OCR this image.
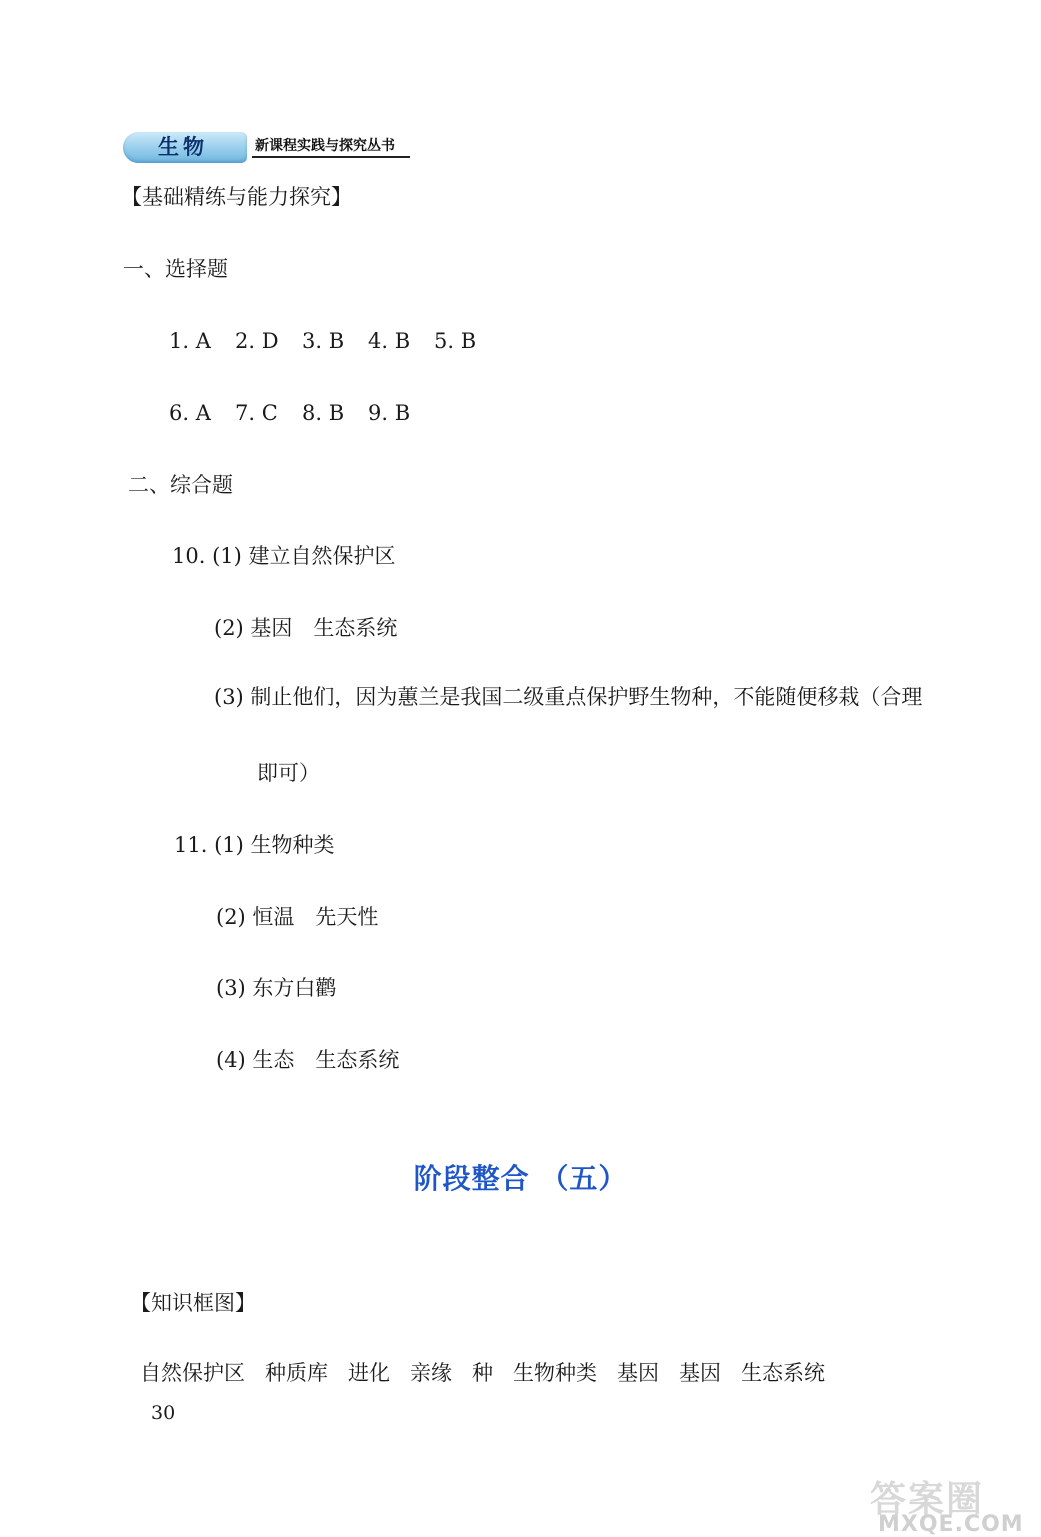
生物	新课程实践与探究丛书
【基础精练与能力探究】
一、选择题
1. A 2. D 3. B 4. B 5. B
6. A 7. C 8. B 9. B
二、综合题
10. (1) 建立自然保护区
(2) 基因　生态系统
(3) 制止他们，因为蕙兰是我国二级重点保护野生物种，不能随便移栽（合理
即可）
11. (1) 生物种类
(2) 恒温　先天性
(3) 东方白鹳
(4) 生态　生态系统
阶段整合 （五）
【知识框图】
自然保护区 种质库 进化 亲缘 种 生物种类 基因 基因 生态系统
30
答案圈
MXQE.COM
